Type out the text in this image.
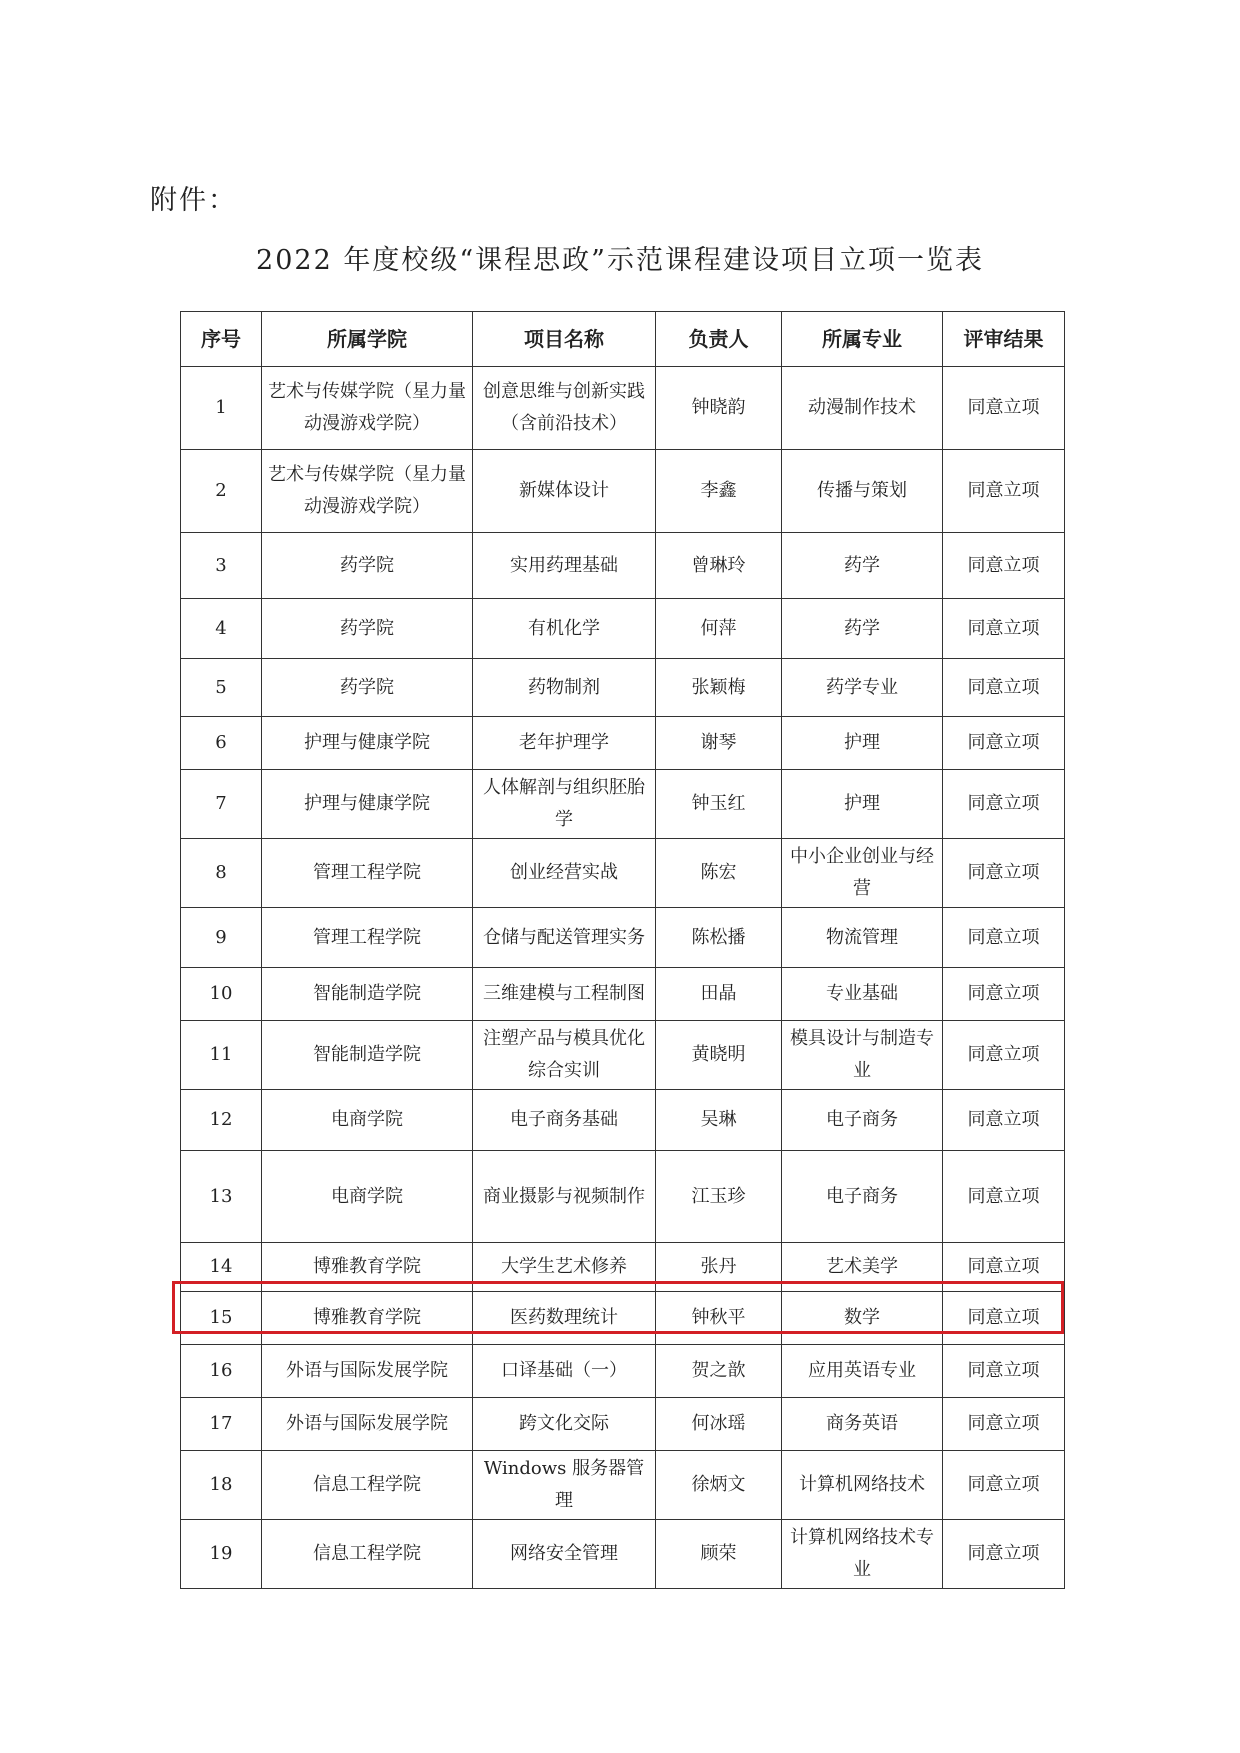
附件：
2022 年度校级“课程思政”示范课程建设项目立项一览表
序号	所属学院	项目名称	负责人	所属专业	评审结果
1	艺术与传媒学院（星力量动漫游戏学院）	创意思维与创新实践（含前沿技术）	钟晓韵	动漫制作技术	同意立项
2	艺术与传媒学院（星力量动漫游戏学院）	新媒体设计	李鑫	传播与策划	同意立项
3	药学院	实用药理基础	曾琳玲	药学	同意立项
4	药学院	有机化学	何萍	药学	同意立项
5	药学院	药物制剂	张颖梅	药学专业	同意立项
6	护理与健康学院	老年护理学	谢琴	护理	同意立项
7	护理与健康学院	人体解剖与组织胚胎学	钟玉红	护理	同意立项
8	管理工程学院	创业经营实战	陈宏	中小企业创业与经营	同意立项
9	管理工程学院	仓储与配送管理实务	陈松播	物流管理	同意立项
10	智能制造学院	三维建模与工程制图	田晶	专业基础	同意立项
11	智能制造学院	注塑产品与模具优化综合实训	黄晓明	模具设计与制造专业	同意立项
12	电商学院	电子商务基础	吴琳	电子商务	同意立项
13	电商学院	商业摄影与视频制作	江玉珍	电子商务	同意立项
14	博雅教育学院	大学生艺术修养	张丹	艺术美学	同意立项
15	博雅教育学院	医药数理统计	钟秋平	数学	同意立项
16	外语与国际发展学院	口译基础（一）	贺之歆	应用英语专业	同意立项
17	外语与国际发展学院	跨文化交际	何冰瑶	商务英语	同意立项
18	信息工程学院	Windows 服务器管理	徐炳文	计算机网络技术	同意立项
19	信息工程学院	网络安全管理	顾荣	计算机网络技术专业	同意立项
